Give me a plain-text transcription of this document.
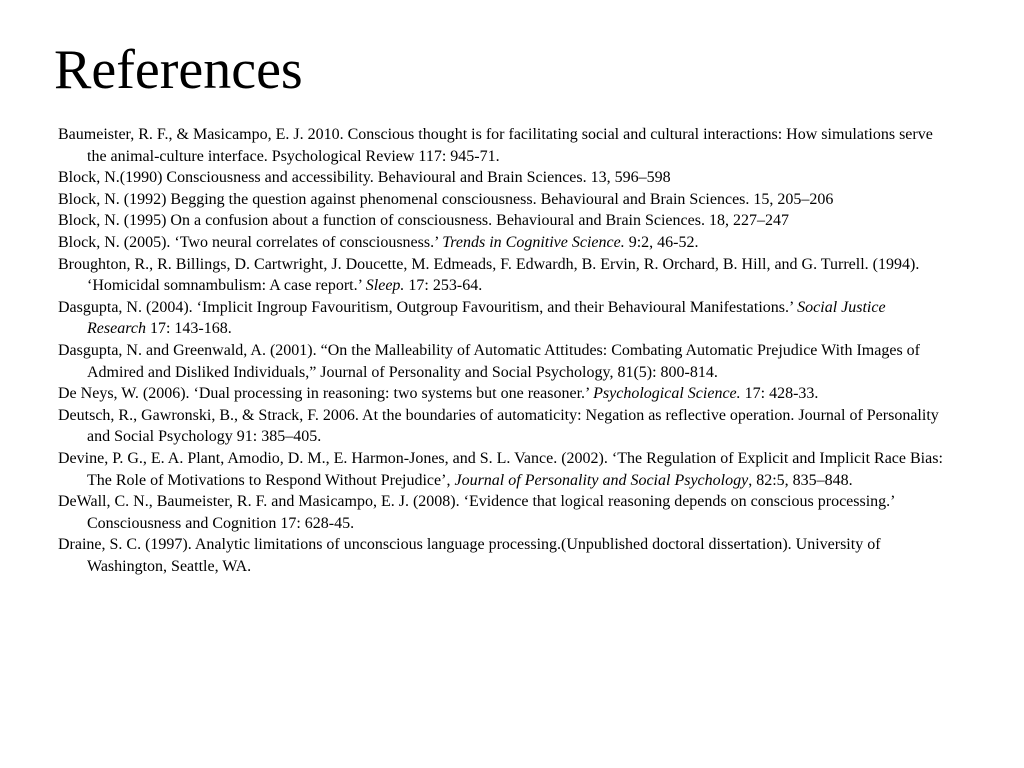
References
Baumeister, R. F., & Masicampo, E. J. 2010. Conscious thought is for facilitating social and cultural interactions: How simulations serve the animal-culture interface. Psychological Review 117: 945-71.
Block, N.(1990) Consciousness and accessibility. Behavioural and Brain Sciences. 13, 596–598
Block, N. (1992) Begging the question against phenomenal consciousness. Behavioural and Brain Sciences. 15, 205–206
Block, N. (1995) On a confusion about a function of consciousness. Behavioural and Brain Sciences. 18, 227–247
Block, N. (2005). ‘Two neural correlates of consciousness.’ Trends in Cognitive Science. 9:2, 46-52.
Broughton, R., R. Billings, D. Cartwright, J. Doucette, M. Edmeads, F. Edwardh, B. Ervin, R. Orchard, B. Hill, and G. Turrell. (1994). ‘Homicidal somnambulism: A case report.’ Sleep. 17: 253-64.
Dasgupta, N. (2004). ‘Implicit Ingroup Favouritism, Outgroup Favouritism, and their Behavioural Manifestations.’ Social Justice Research 17: 143-168.
Dasgupta, N. and Greenwald, A. (2001). “On the Malleability of Automatic Attitudes: Combating Automatic Prejudice With Images of Admired and Disliked Individuals,” Journal of Personality and Social Psychology, 81(5): 800-814.
De Neys, W. (2006). ‘Dual processing in reasoning: two systems but one reasoner.’ Psychological Science. 17: 428-33.
Deutsch, R., Gawronski, B., & Strack, F. 2006. At the boundaries of automaticity: Negation as reflective operation. Journal of Personality and Social Psychology 91: 385–405.
Devine, P. G., E. A. Plant, Amodio, D. M., E. Harmon-Jones, and S. L. Vance. (2002). ‘The Regulation of Explicit and Implicit Race Bias: The Role of Motivations to Respond Without Prejudice’, Journal of Personality and Social Psychology, 82:5, 835–848.
DeWall, C. N., Baumeister, R. F. and Masicampo, E. J. (2008). ‘Evidence that logical reasoning depends on conscious processing.’ Consciousness and Cognition 17: 628-45.
Draine, S. C. (1997). Analytic limitations of unconscious language processing.(Unpublished doctoral dissertation). University of Washington, Seattle, WA.
